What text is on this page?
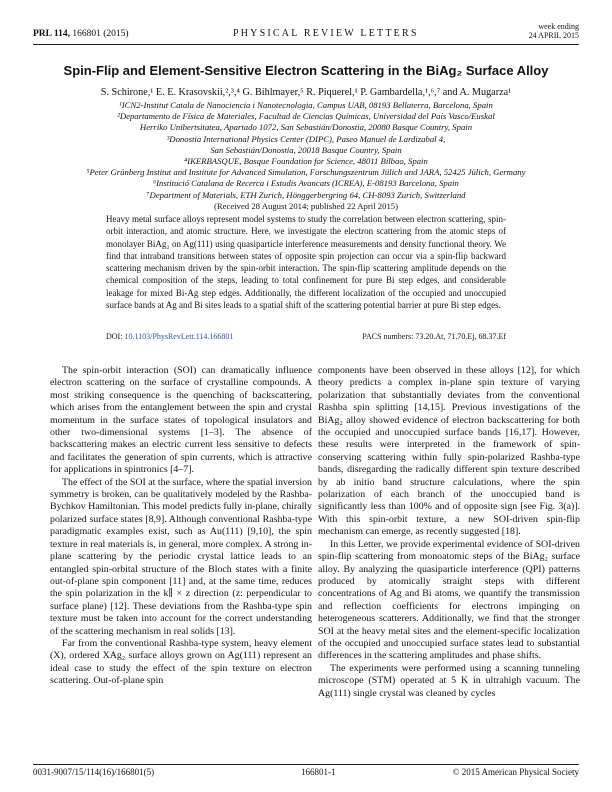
PRL 114, 166801 (2015)	PHYSICAL REVIEW LETTERS
week ending
24 APRIL 2015
Spin-Flip and Element-Sensitive Electron Scattering in the BiAg₂ Surface Alloy
S. Schirone,¹ E. E. Krasovskii,²,³,⁴ G. Bihlmayer,⁵ R. Piquerel,¹ P. Gambardella,¹,⁶,⁷ and A. Mugarza¹
¹ICN2-Institut Catala de Nanociencia i Nanotecnologia, Campus UAB, 08193 Bellaterra, Barcelona, Spain
²Departamento de Física de Materiales, Facultad de Ciencias Químicas, Universidad del País Vasco/Euskal
Herriko Unibertsitatea, Apartado 1072, San Sebastián/Donostia, 20080 Basque Country, Spain
³Donostia International Physics Center (DIPC), Paseo Manuel de Lardizabal 4,
San Sebastián/Donostia, 20018 Basque Country, Spain
⁴IKERBASQUE, Basque Foundation for Science, 48011 Bilbao, Spain
⁵Peter Grünberg Institut and Institute for Advanced Simulation, Forschungszentrum Jülich and JARA, 52425 Jülich, Germany
⁶Institució Catalana de Recerca i Estudis Avancats (ICREA), E-08193 Barcelona, Spain
⁷Department of Materials, ETH Zurich, Hönggerbergring 64, CH-8093 Zurich, Switzerland
(Received 28 August 2014; published 22 April 2015)
Heavy metal surface alloys represent model systems to study the correlation between electron scattering, spin-orbit interaction, and atomic structure. Here, we investigate the electron scattering from the atomic steps of monolayer BiAg₂ on Ag(111) using quasiparticle interference measurements and density functional theory. We find that intraband transitions between states of opposite spin projection can occur via a spin-flip backward scattering mechanism driven by the spin-orbit interaction. The spin-flip scattering amplitude depends on the chemical composition of the steps, leading to total confinement for pure Bi step edges, and considerable leakage for mixed Bi-Ag step edges. Additionally, the different localization of the occupied and unoccupied surface bands at Ag and Bi sites leads to a spatial shift of the scattering potential barrier at pure Bi step edges.
DOI: 10.1103/PhysRevLett.114.166801	PACS numbers: 73.20.At, 71.70.Ej, 68.37.Ef

The spin-orbit interaction (SOI) can dramatically influence electron scattering on the surface of crystalline compounds. A most striking consequence is the quenching of backscattering, which arises from the entanglement between the spin and crystal momentum in the surface states of topological insulators and other two-dimensional systems [1–3]. The absence of backscattering makes an electric current less sensitive to defects and facilitates the generation of spin currents, which is attractive for applications in spintronics [4–7].

The effect of the SOI at the surface, where the spatial inversion symmetry is broken, can be qualitatively modeled by the Rashba-Bychkov Hamiltonian. This model predicts fully in-plane, chirally polarized surface states [8,9]. Although conventional Rashba-type paradigmatic examples exist, such as Au(111) [9,10], the spin texture in real materials is, in general, more complex. A strong in-plane scattering by the periodic crystal lattice leads to an entangled spin-orbital structure of the Bloch states with a finite out-of-plane spin component [11] and, at the same time, reduces the spin polarization in the k∥ × z direction (z: perpendicular to surface plane) [12]. These deviations from the Rashba-type spin texture must be taken into account for the correct understanding of the scattering mechanism in real solids [13].

Far from the conventional Rashba-type system, heavy element (X), ordered XAg₂ surface alloys grown on Ag(111) represent an ideal case to study the effect of the spin texture on electron scattering. Out-of-plane spin

components have been observed in these alloys [12], for which theory predicts a complex in-plane spin texture of varying polarization that substantially deviates from the conventional Rashba spin splitting [14,15]. Previous investigations of the BiAg₂ alloy showed evidence of electron backscattering for both the occupied and unoccupied surface bands [16,17]. However, these results were interpreted in the framework of spin-conserving scattering within fully spin-polarized Rashba-type bands, disregarding the radically different spin texture described by ab initio band structure calculations, where the spin polarization of each branch of the unoccupied band is significantly less than 100% and of opposite sign [see Fig. 3(a)]. With this spin-orbit texture, a new SOI-driven spin-flip mechanism can emerge, as recently suggested [18].

In this Letter, we provide experimental evidence of SOI-driven spin-flip scattering from monoatomic steps of the BiAg₂ surface alloy. By analyzing the quasiparticle interference (QPI) patterns produced by atomically straight steps with different concentrations of Ag and Bi atoms, we quantify the transmission and reflection coefficients for electrons impinging on heterogeneous scatterers. Additionally, we find that the stronger SOI at the heavy metal sites and the element-specific localization of the occupied and unoccupied surface states lead to substantial differences in the scattering amplitudes and phase shifts.

The experiments were performed using a scanning tunneling microscope (STM) operated at 5 K in ultrahigh vacuum. The Ag(111) single crystal was cleaned by cycles

0031-9007/15/114(16)/166801(5)	166801-1	© 2015 American Physical Society
